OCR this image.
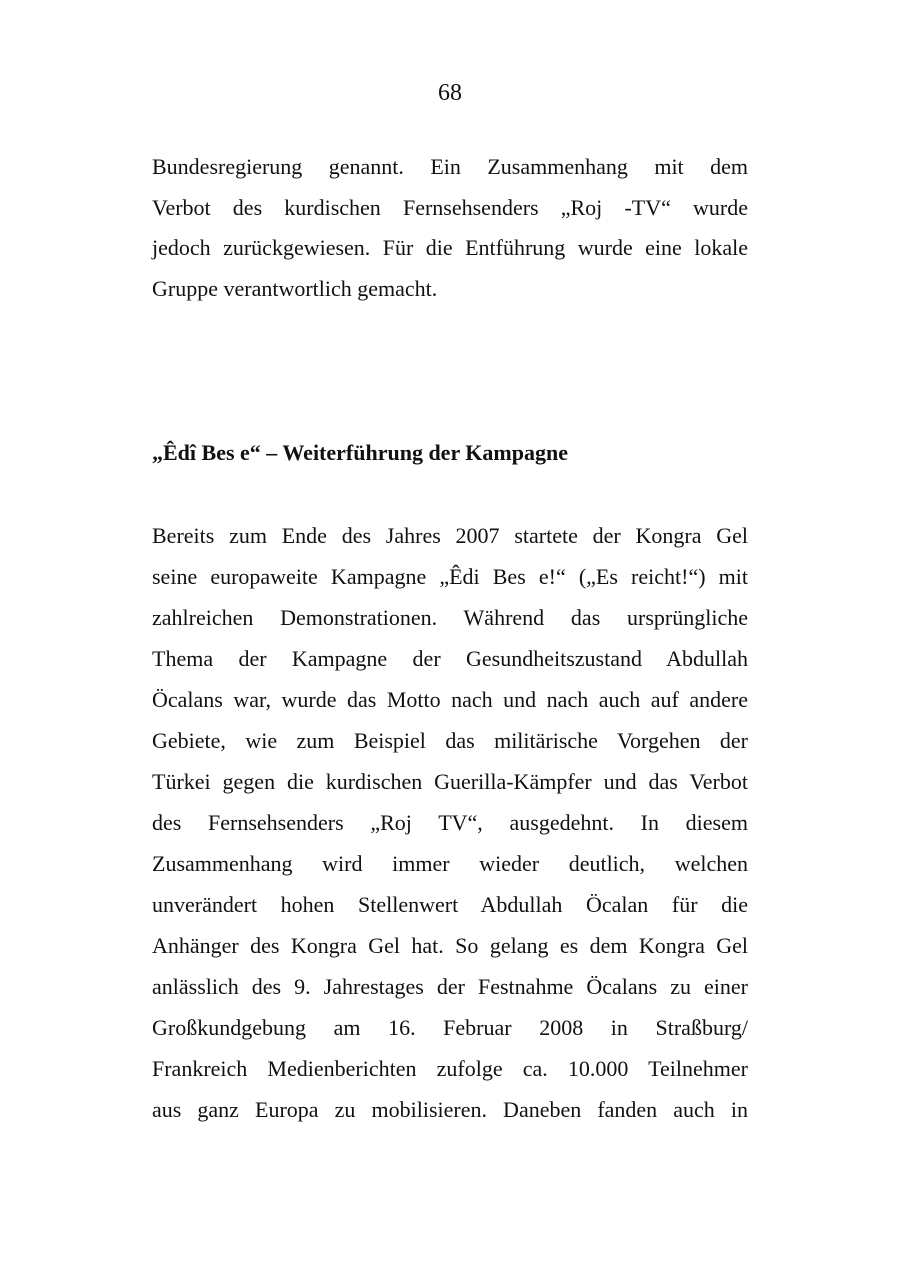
68
Bundesregierung genannt. Ein Zusammenhang mit dem
Verbot des kurdischen Fernsehsenders „Roj -TV“ wurde
jedoch zurückgewiesen. Für die Entführung wurde eine lokale
Gruppe verantwortlich gemacht.
„Êdî Bes e“ – Weiterführung der Kampagne
Bereits zum Ende des Jahres 2007 startete der Kongra Gel
seine europaweite Kampagne „Êdi Bes e!“ („Es reicht!“) mit
zahlreichen Demonstrationen. Während das ursprüngliche
Thema der Kampagne der Gesundheitszustand Abdullah
Öcalans war, wurde das Motto nach und nach auch auf andere
Gebiete, wie zum Beispiel das militärische Vorgehen der
Türkei gegen die kurdischen Guerilla-Kämpfer und das Verbot
des Fernsehsenders „Roj TV“, ausgedehnt. In diesem
Zusammenhang wird immer wieder deutlich, welchen
unverändert hohen Stellenwert Abdullah Öcalan für die
Anhänger des Kongra Gel hat. So gelang es dem Kongra Gel
anlässlich des 9. Jahrestages der Festnahme Öcalans zu einer
Großkundgebung am 16. Februar 2008 in Straßburg/
Frankreich Medienberichten zufolge ca. 10.000 Teilnehmer
aus ganz Europa zu mobilisieren. Daneben fanden auch in
